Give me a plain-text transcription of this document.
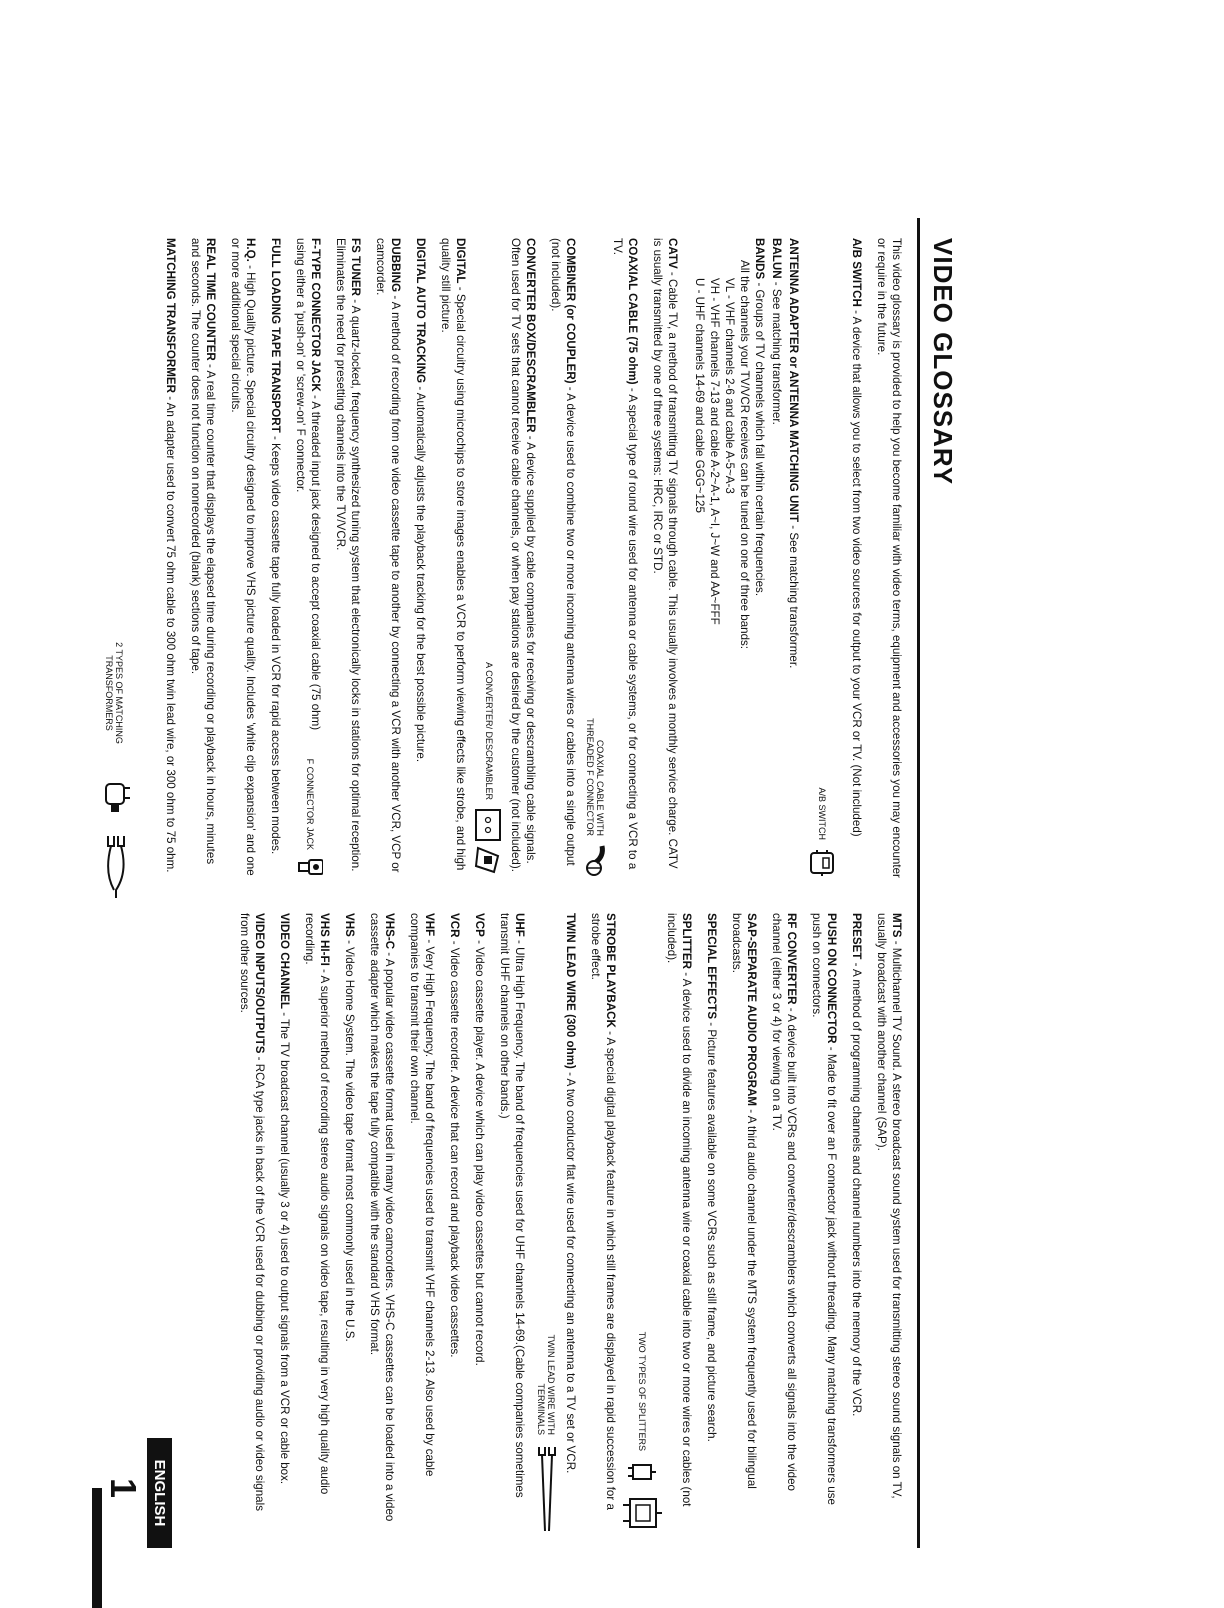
VIDEO GLOSSARY

This video glossary is provided to help you become familiar with video terms, equipment and accessories you may encounter or require in the future.

A/B SWITCH - A device that allows you to select from two video sources for output to your VCR or TV. (Not included)

A/B SWITCH

ANTENNA ADAPTER or ANTENNA MATCHING UNIT - See matching transformer.

BALUN - See matching transformer.

BANDS - Groups of TV channels which fall within certain frequencies.

All the channels your TV/VCR receives can be tuned on one of three bands:

VL - VHF channels 2-6 and cable A-5~A-3

VH - VHF channels 7-13 and cable A-2~A-1, A~I, J~W and AA~FFF

U - UHF channels 14-69 and cable GGG~125

CATV - Cable TV, a method of transmitting TV signals through cable. This usually involves a monthly service charge. CATV is usually transmitted by one of three systems: HRC, IRC or STD.

COAXIAL CABLE (75 ohm) - A special type of round wire used for antenna or cable systems, or for connecting a VCR to a TV.

COAXIAL CABLE WITH THREADED F CONNECTOR

COMBINER (or COUPLER) - A device used to combine two or more incoming antenna wires or cables into a single output (not included).

CONVERTER BOX/DESCRAMBLER - A device supplied by cable companies for receiving or descrambling cable signals. Often used for TV sets that cannot receive cable channels, or when pay stations are desired by the customer (not included).

A CONVERTER/ DESCRAMBLER

DIGITAL - Special circuitry using microchips to store images enables a VCR to perform viewing effects like strobe, and high quality still picture.

DIGITAL AUTO TRACKING - Automatically adjusts the playback tracking for the best possible picture.

DUBBING - A method of recording from one video cassette tape to another by connecting a VCR with another VCR, VCP or camcorder.

FS TUNER - A quartz-locked, frequency synthesized tuning system that electronically locks in stations for optimal reception. Eliminates the need for presetting channels into the TV/VCR.

F CONNECTOR JACK
F-TYPE CONNECTOR JACK - A threaded input jack designed to accept coaxial cable (75 ohm) using either a 'push-on' or 'screw-on' F connector.

FULL LOADING TAPE TRANSPORT - Keeps video cassette tape fully loaded in VCR for rapid access between modes.

H.Q. - High Quality picture. Special circuitry designed to improve VHS picture quality. Includes 'white clip expansion' and one or more additional special circuits.

REAL TIME COUNTER - A real time counter that displays the elapsed time during recording or playback in hours, minutes and seconds. The counter does not function on nonrecorded (blank) sections of tape.

MATCHING TRANSFORMER - An adapter used to convert 75 ohm cable to 300 ohm twin lead wire, or 300 ohm to 75 ohm.

MTS - Multichannel TV Sound. A stereo broadcast sound system used for transmitting stereo sound signals on TV, usually broadcast with another channel (SAP).

PRESET - A method of programming channels and channel numbers into the memory of the VCR.

PUSH ON CONNECTOR - Made to fit over an F connector jack without threading. Many matching transformers use push on connectors.

RF CONVERTER - A device built into VCRs and converter/descramblers which converts all signals into the video channel (either 3 or 4) for viewing on a TV.

SAP-SEPARATE AUDIO PROGRAM - A third audio channel under the MTS system frequently used for bilingual broadcasts.

SPECIAL EFFECTS - Picture features available on some VCRs such as still frame, and picture search.

SPLITTER - A device used to divide an incoming antenna wire or coaxial cable into two or more wires or cables (not included).

TWO TYPES OF SPLITTERS

STROBE PLAYBACK - A special digital playback feature in which still frames are displayed in rapid succession for a strobe effect.

TWIN LEAD WIRE (300 ohm) - A two conductor flat wire used for connecting an antenna to a TV set or VCR.

TWIN LEAD WIRE WITH TERMINALS

UHF - Ultra High Frequency. The band of frequencies used for UHF channels 14-69.(Cable companies sometimes transmit UHF channels on other bands.)

VCP - Video cassette player. A device which can play video cassettes but cannot record.

VCR - Video cassette recorder. A device that can record and playback video cassettes.

VHF - Very High Frequency. The band of frequencies used to transmit VHF channels 2-13. Also used by cable companies to transmit their own channel.

VHS-C - A popular video cassette format used in many video camcorders. VHS-C cassettes can be loaded into a video cassette adapter which makes the tape fully compatible with the standard VHS format.

VHS - Video Home System. The video tape format most commonly used in the U.S.

VHS HI-FI - A superior method of recording stereo audio signals on video tape, resulting in very high quality audio recording.

VIDEO CHANNEL - The TV broadcast channel (usually 3 or 4) used to output signals from a VCR or cable box.

VIDEO INPUTS/OUTPUTS - RCA type jacks in back of the VCR used for dubbing or providing audio or video signals from other sources.

2 TYPES OF MATCHING TRANSFORMERS
ENGLISH
1
